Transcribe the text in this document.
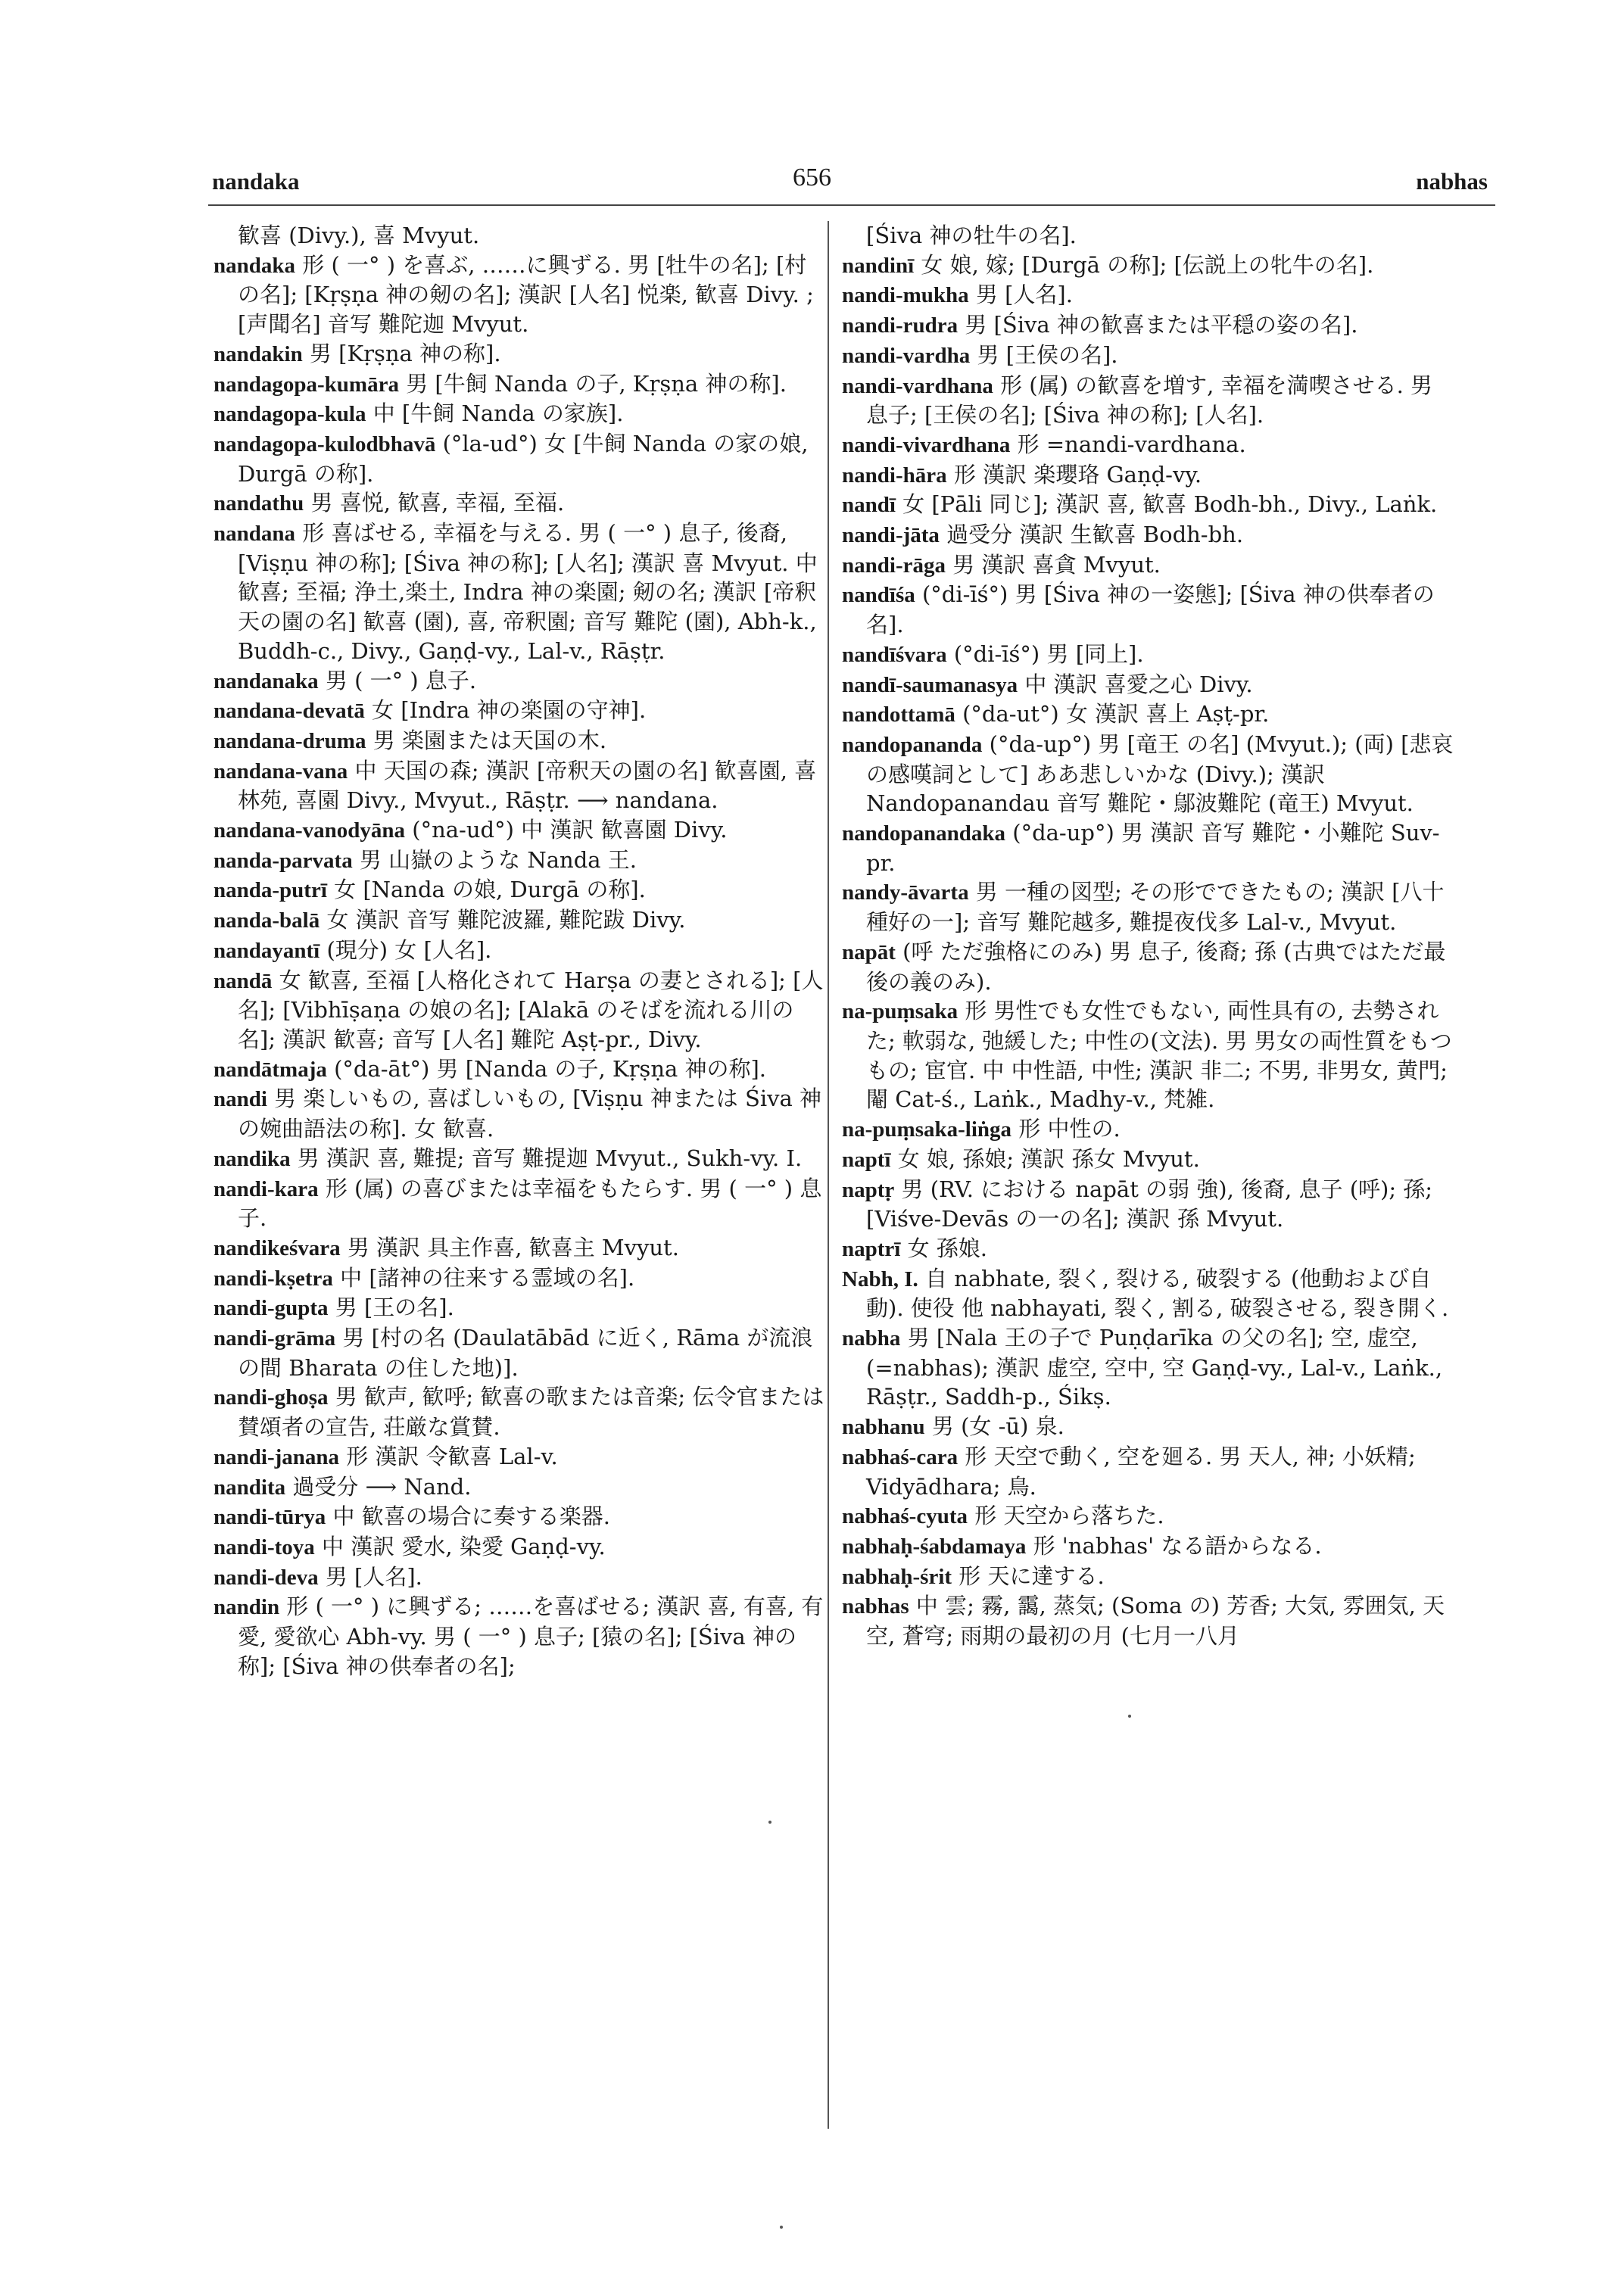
nandaka	656	nabhas

歓喜 (Divy.), 喜 Mvyut.

nandaka 形 ( 一° ) を喜ぶ, ……に興ずる. 男 [牡牛の名]; [村の名]; [Kṛṣṇa 神の剱の名]; 漢訳 [人名] 悦楽, 歓喜 Divy. ; [声聞名] 音写 難陀迦 Mvyut.

nandakin 男 [Kṛṣṇa 神の称].

nandagopa-kumāra 男 [牛飼 Nanda の子, Kṛṣṇa 神の称].

nandagopa-kula 中 [牛飼 Nanda の家族].

nandagopa-kulodbhavā (°la-ud°) 女 [牛飼 Nanda の家の娘, Durgā の称].

nandathu 男 喜悦, 歓喜, 幸福, 至福.

nandana 形 喜ばせる, 幸福を与える. 男 ( 一° ) 息子, 後裔, [Viṣṇu 神の称]; [Śiva 神の称]; [人名]; 漢訳 喜 Mvyut. 中 歓喜; 至福; 浄土,楽土, Indra 神の楽園; 剱の名; 漢訳 [帝釈天の園の名] 歓喜 (園), 喜, 帝釈園; 音写 難陀 (園), Abh-k., Buddh-c., Divy., Gaṇḍ-vy., Lal-v., Rāṣṭr.

nandanaka 男 ( 一° ) 息子.

nandana-devatā 女 [Indra 神の楽園の守神].

nandana-druma 男 楽園または天国の木.

nandana-vana 中 天国の森; 漢訳 [帝釈天の園の名] 歓喜園, 喜林苑, 喜園 Divy., Mvyut., Rāṣṭr. ⟶ nandana.

nandana-vanodyāna (°na-ud°) 中 漢訳 歓喜園 Divy.

nanda-parvata 男 山嶽のような Nanda 王.

nanda-putrī 女 [Nanda の娘, Durgā の称].

nanda-balā 女 漢訳 音写 難陀波羅, 難陀跋 Divy.

nandayantī (現分) 女 [人名].

nandā 女 歓喜, 至福 [人格化されて Harṣa の妻とされる]; [人名]; [Vibhīṣaṇa の娘の名]; [Alakā のそばを流れる川の名]; 漢訳 歓喜; 音写 [人名] 難陀 Aṣṭ-pr., Divy.

nandātmaja (°da-āt°) 男 [Nanda の子, Kṛṣṇa 神の称].

nandi 男 楽しいもの, 喜ばしいもの, [Viṣṇu 神または Śiva 神の婉曲語法の称]. 女 歓喜.

nandika 男 漢訳 喜, 難提; 音写 難提迦 Mvyut., Sukh-vy. I.

nandi-kara 形 (属) の喜びまたは幸福をもたらす. 男 ( 一° ) 息子.

nandikeśvara 男 漢訳 具主作喜, 歓喜主 Mvyut.

nandi-kṣetra 中 [諸神の往来する霊域の名].

nandi-gupta 男 [王の名].

nandi-grāma 男 [村の名 (Daulatābād に近く, Rāma が流浪の間 Bharata の住した地)].

nandi-ghoṣa 男 歓声, 歓呼; 歓喜の歌または音楽; 伝令官または賛頌者の宣告, 荘厳な賞賛.

nandi-janana 形 漢訳 令歓喜 Lal-v.

nandita 過受分 ⟶ Nand.

nandi-tūrya 中 歓喜の場合に奏する楽器.

nandi-toya 中 漢訳 愛水, 染愛 Gaṇḍ-vy.

nandi-deva 男 [人名].

nandin 形 ( 一° ) に興ずる; ……を喜ばせる; 漢訳 喜, 有喜, 有愛, 愛欲心 Abh-vy. 男 ( 一° ) 息子; [猿の名]; [Śiva 神の称]; [Śiva 神の供奉者の名];

[Śiva 神の牡牛の名].

nandinī 女 娘, 嫁; [Durgā の称]; [伝説上の牝牛の名].

nandi-mukha 男 [人名].

nandi-rudra 男 [Śiva 神の歓喜または平穏の姿の名].

nandi-vardha 男 [王侯の名].

nandi-vardhana 形 (属) の歓喜を増す, 幸福を満喫させる. 男 息子; [王侯の名]; [Śiva 神の称]; [人名].

nandi-vivardhana 形 =nandi-vardhana.

nandi-hāra 形 漢訳 楽瓔珞 Gaṇḍ-vy.

nandī 女 [Pāli 同じ]; 漢訳 喜, 歓喜 Bodh-bh., Divy., Laṅk.

nandi-jāta 過受分 漢訳 生歓喜 Bodh-bh.

nandi-rāga 男 漢訳 喜貪 Mvyut.

nandīśa (°di-īś°) 男 [Śiva 神の一姿態]; [Śiva 神の供奉者の名].

nandīśvara (°di-īś°) 男 [同上].

nandī-saumanasya 中 漢訳 喜愛之心 Divy.

nandottamā (°da-ut°) 女 漢訳 喜上 Aṣṭ-pr.

nandopananda (°da-up°) 男 [竜王 の名] (Mvyut.); (両) [悲哀の感嘆詞として] ああ悲しいかな (Divy.); 漢訳 Nandopanandau 音写 難陀・鄔波難陀 (竜王) Mvyut.

nandopanandaka (°da-up°) 男 漢訳 音写 難陀・小難陀 Suv-pr.

nandy-āvarta 男 一種の図型; その形でできたもの; 漢訳 [八十種好の一]; 音写 難陀越多, 難提夜伐多 Lal-v., Mvyut.

napāt (呼 ただ強格にのみ) 男 息子, 後裔; 孫 (古典ではただ最後の義のみ).

na-puṃsaka 形 男性でも女性でもない, 両性具有の, 去勢された; 軟弱な, 弛緩した; 中性の(文法). 男 男女の両性質をもつもの; 宦官. 中 中性語, 中性; 漢訳 非二; 不男, 非男女, 黄門; 閹 Cat-ś., Laṅk., Madhy-v., 梵雑.

na-puṃsaka-liṅga 形 中性の.

naptī 女 娘, 孫娘; 漢訳 孫女 Mvyut.

naptṛ 男 (RV. における napāt の弱 強), 後裔, 息子 (呼); 孫; [Viśve-Devās の一の名]; 漢訳 孫 Mvyut.

naptrī 女 孫娘.

Nabh, I. 自 nabhate, 裂く, 裂ける, 破裂する (他動および自動). 使役 他 nabhayati, 裂く, 割る, 破裂させる, 裂き開く.

nabha 男 [Nala 王の子で Puṇḍarīka の父の名]; 空, 虚空, (=nabhas); 漢訳 虚空, 空中, 空 Gaṇḍ-vy., Lal-v., Laṅk., Rāṣṭr., Saddh-p., Śikṣ.

nabhanu 男 (女 -ū) 泉.

nabhaś-cara 形 天空で動く, 空を廻る. 男 天人, 神; 小妖精; Vidyādhara; 鳥.

nabhaś-cyuta 形 天空から落ちた.

nabhaḥ-śabdamaya 形 'nabhas' なる語からなる.

nabhaḥ-śrit 形 天に達する.

nabhas 中 雲; 霧, 靄, 蒸気; (Soma の) 芳香; 大気, 雰囲気, 天空, 蒼穹; 雨期の最初の月 (七月一八月
